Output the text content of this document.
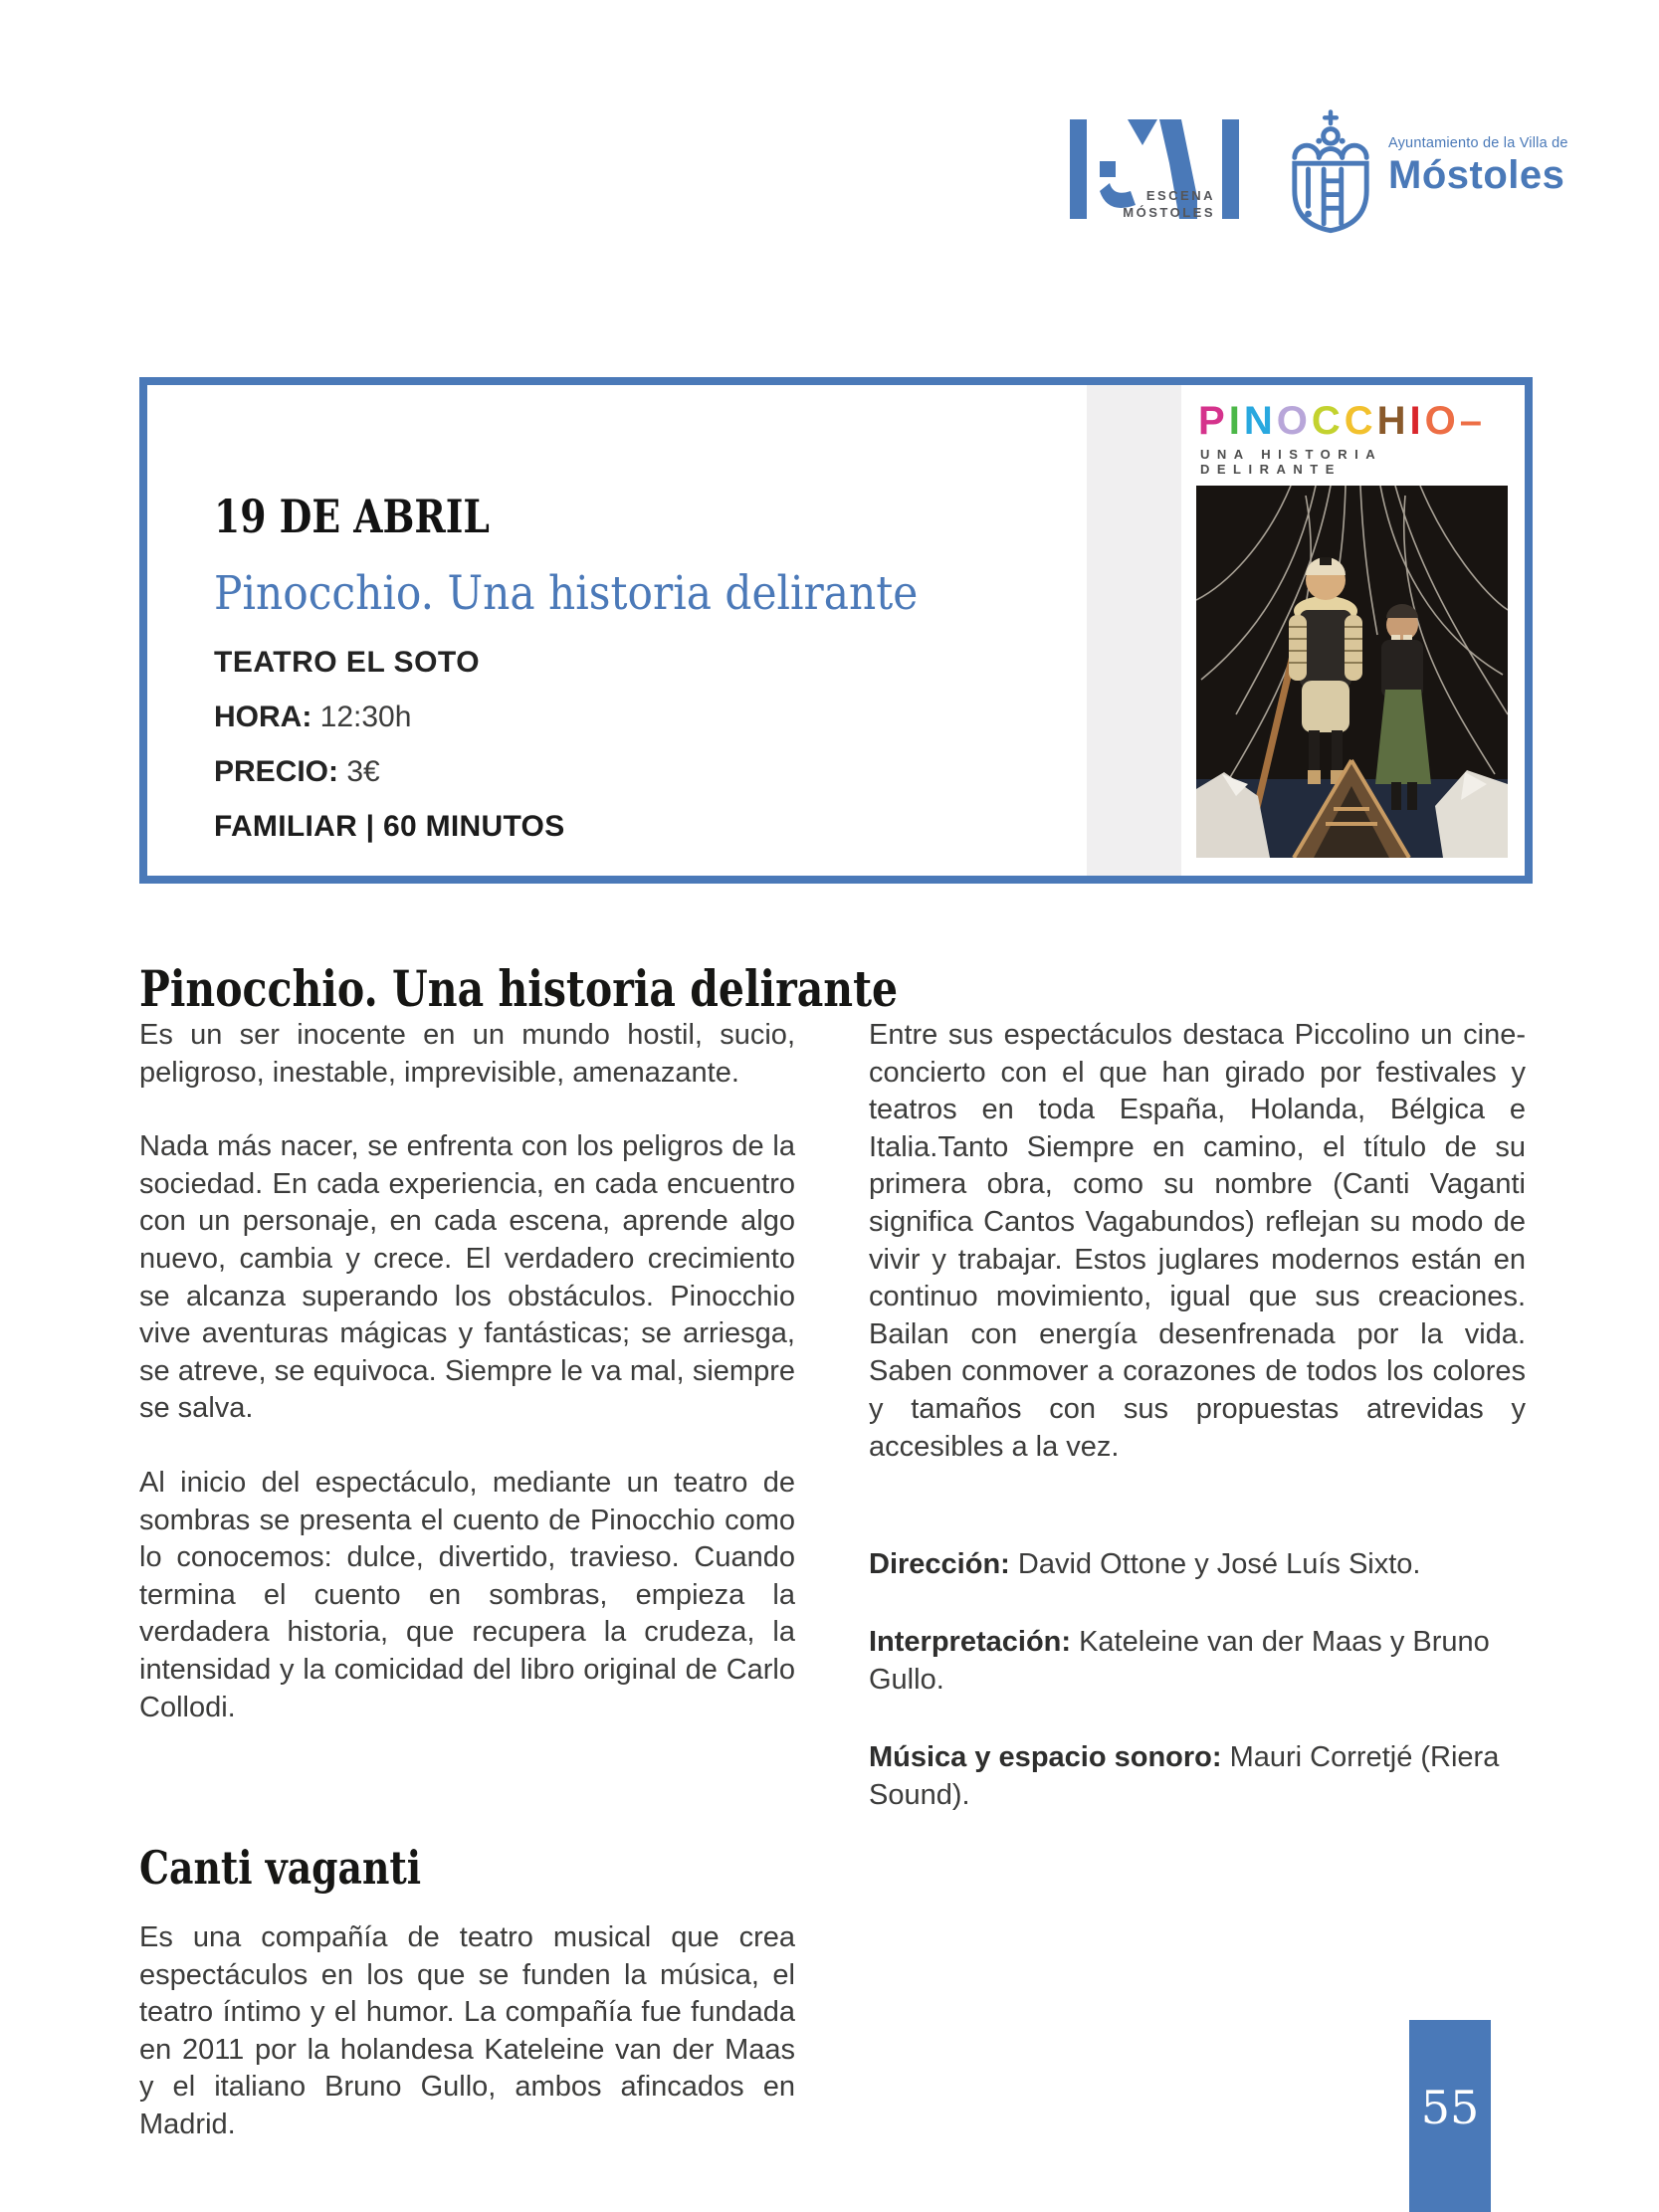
ESCENA
MÓSTOLES
Ayuntamiento de la Villa de
Móstoles
19 DE ABRIL
Pinocchio. Una historia delirante
TEATRO EL SOTO
HORA: 12:30h
PRECIO: 3€
FAMILIAR | 60 MINUTOS
P I N O C C H I O –
UNA HISTORIA DELIRANTE
Pinocchio. Una historia delirante

Es un ser inocente en un mundo hostil, sucio, peligroso, inestable, imprevisible, amenazante.

Nada más nacer, se enfrenta con los peligros de la sociedad. En cada experiencia, en cada encuentro con un personaje, en cada escena, aprende algo nuevo, cambia y crece. El verdadero crecimiento se alcanza superando los obstáculos. Pinocchio vive aventuras mágicas y fantásticas; se arriesga, se atreve, se equivoca. Siempre le va mal, siempre se salva.

Al inicio del espectáculo, mediante un teatro de sombras se presenta el cuento de Pinocchio como lo conocemos: dulce, divertido, travieso. Cuando termina el cuento en sombras, empieza la verdadera historia, que recupera la crudeza, la intensidad y la comicidad del libro original de Carlo Collodi.

Canti vaganti

Es una compañía de teatro musical que crea espectáculos en los que se funden la música, el teatro íntimo y el humor. La compañía fue fundada en 2011 por la holandesa Kateleine van der Maas y el italiano Bruno Gullo, ambos afincados en Madrid.

Entre sus espectáculos destaca Piccolino un cine-concierto con el que han girado por festivales y teatros en toda España, Holanda, Bélgica e Italia.Tanto Siempre en camino, el título de su primera obra, como su nombre (Canti Vaganti significa Cantos Vagabundos) reflejan su modo de vivir y trabajar. Estos juglares modernos están en continuo movimiento, igual que sus creaciones. Bailan con energía desenfrenada por la vida. Saben conmover a corazones de todos los colores y tamaños con sus propuestas atrevidas y accesibles a la vez.

Dirección: David Ottone y José Luís Sixto.

Interpretación: Kateleine van der Maas y Bruno Gullo.

Música y espacio sonoro: Mauri Corretjé (Riera Sound).

55
